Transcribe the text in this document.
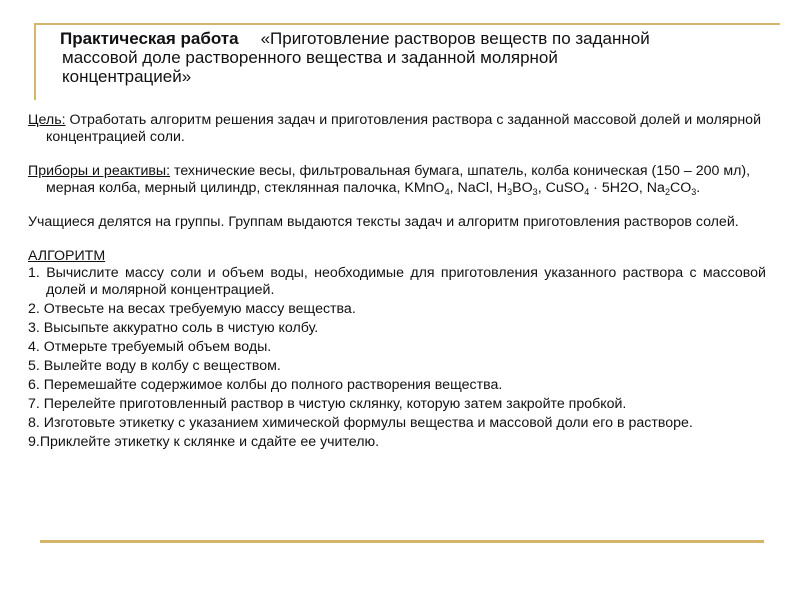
Практическая работа «Приготовление растворов веществ по заданной
массовой доле растворенного вещества и заданной молярной
концентрацией»

Цель: Отработать алгоритм решения задач и приготовления раствора с заданной массовой долей и молярной концентрацией соли.

Приборы и реактивы: технические весы, фильтровальная бумага, шпатель, колба коническая (150 – 200 мл), мерная колба, мерный цилиндр, стеклянная палочка, KMnO$_4$, NaCl, $H_3BO_3$, CuSO$_4$ · 5H2O, $Na_2CO_3$.

Учащиеся делятся на группы. Группам выдаются тексты задач и алгоритм приготовления растворов солей.

АЛГОРИТМ

1. Вычислите массу соли и объем воды, необходимые для приготовления указанного раствора с массовой долей и молярной концентрацией.

2. Отвесьте на весах требуемую массу вещества.

3. Высыпьте аккуратно соль в чистую колбу.

4. Отмерьте требуемый объем воды.

5. Вылейте воду в колбу с веществом.

6. Перемешайте содержимое колбы до полного растворения вещества.

7. Перелейте приготовленный раствор в чистую склянку, которую затем закройте пробкой.

8. Изготовьте этикетку с указанием химической формулы вещества и массовой доли его в растворе.

9.Приклейте этикетку к склянке и сдайте ее учителю.
